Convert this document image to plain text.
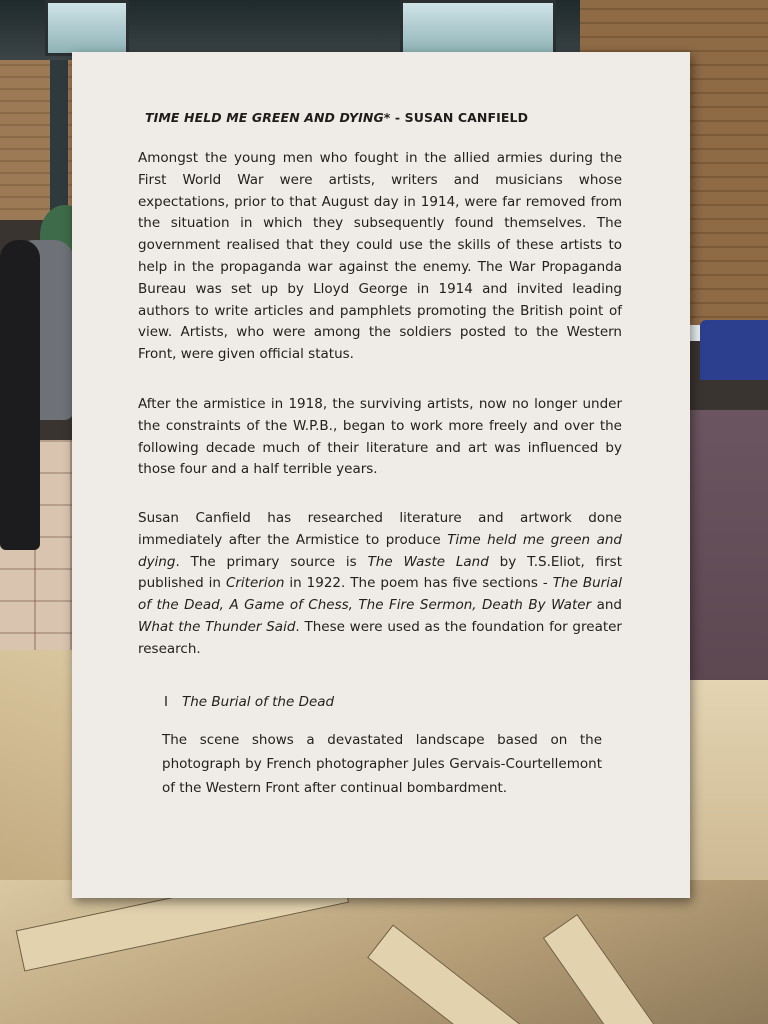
TIME HELD ME GREEN AND DYING* - SUSAN CANFIELD
Amongst the young men who fought in the allied armies during the First World War were artists, writers and musicians whose expectations, prior to that August day in 1914, were far removed from the situation in which they subsequently found themselves. The government realised that they could use the skills of these artists to help in the propaganda war against the enemy. The War Propaganda Bureau was set up by Lloyd George in 1914 and invited leading authors to write articles and pamphlets promoting the British point of view. Artists, who were among the soldiers posted to the Western Front, were given official status.
After the armistice in 1918, the surviving artists, now no longer under the constraints of the W.P.B., began to work more freely and over the following decade much of their literature and art was influenced by those four and a half terrible years.
Susan Canfield has researched literature and artwork done immediately after the Armistice to produce Time held me green and dying. The primary source is The Waste Land by T.S.Eliot, first published in Criterion in 1922. The poem has five sections - The Burial of the Dead, A Game of Chess, The Fire Sermon, Death By Water and What the Thunder Said. These were used as the foundation for greater research.
I The Burial of the Dead
The scene shows a devastated landscape based on the photograph by French photographer Jules Gervais-Courtellemont of the Western Front after continual bombardment.
